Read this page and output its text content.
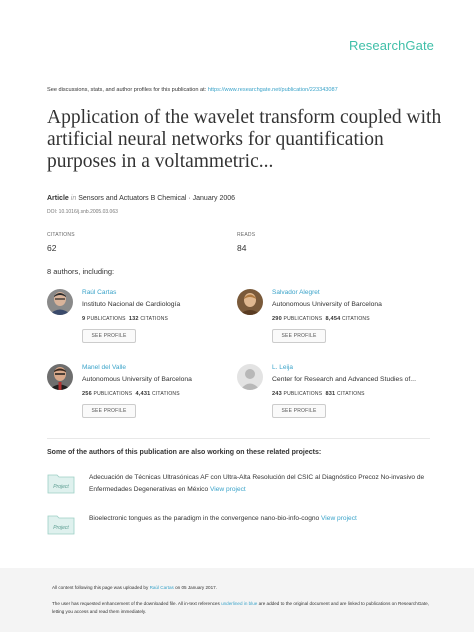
ResearchGate
See discussions, stats, and author profiles for this publication at: https://www.researchgate.net/publication/223343087
Application of the wavelet transform coupled with artificial neural networks for quantification purposes in a voltammetric...
Article in Sensors and Actuators B Chemical · January 2006
DOI: 10.1016/j.snb.2005.03.063
CITATIONS
62
READS
84
8 authors, including:
Raúl Cartas
Instituto Nacional de Cardiología
9 PUBLICATIONS 132 CITATIONS
SEE PROFILE
Salvador Alegret
Autonomous University of Barcelona
290 PUBLICATIONS 8,454 CITATIONS
SEE PROFILE
Manel del Valle
Autonomous University of Barcelona
256 PUBLICATIONS 4,431 CITATIONS
SEE PROFILE
L. Leija
Center for Research and Advanced Studies of...
243 PUBLICATIONS 831 CITATIONS
SEE PROFILE
Some of the authors of this publication are also working on these related projects:
Project
Adecuación de Técnicas Ultrasónicas AF con Ultra-Alta Resolución del CSIC al Diagnóstico Precoz No-invasivo de Enfermedades Degenerativas en México View project
Project
Bioelectronic tongues as the paradigm in the convergence nano-bio-info-cogno View project
All content following this page was uploaded by Raúl Cartas on 05 January 2017.
The user has requested enhancement of the downloaded file. All in-text references underlined in blue are added to the original document and are linked to publications on ResearchGate, letting you access and read them immediately.
